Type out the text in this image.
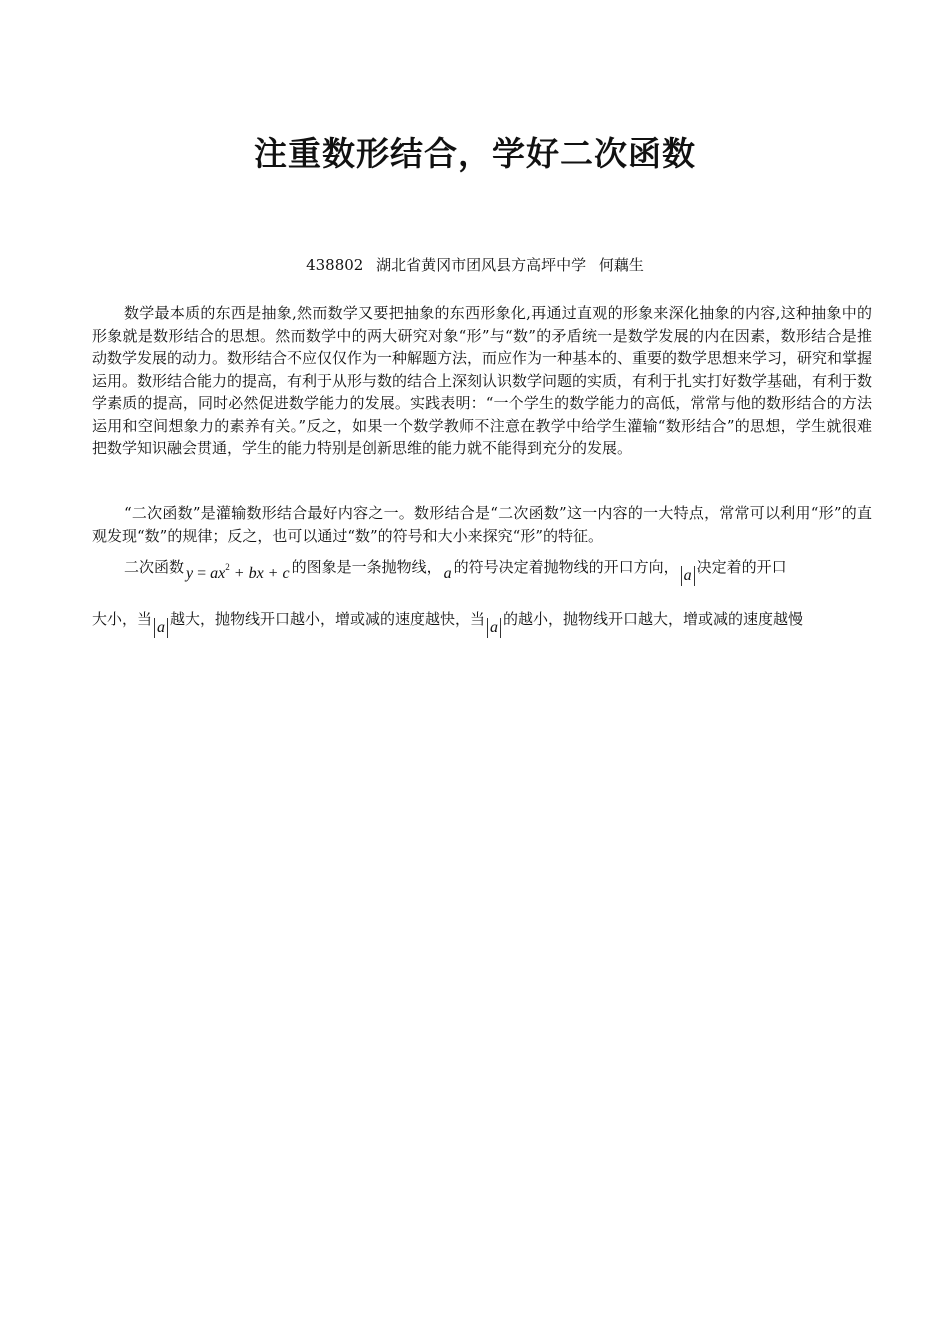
注重数形结合，学好二次函数
438802 湖北省黄冈市团风县方高坪中学 何藕生

数学最本质的东西是抽象,然而数学又要把抽象的东西形象化,再通过直观的形象来深化抽象的内容,这种抽象中的形象就是数形结合的思想。然而数学中的两大研究对象“形”与“数”的矛盾统一是数学发展的内在因素，数形结合是推动数学发展的动力。数形结合不应仅仅作为一种解题方法，而应作为一种基本的、重要的数学思想来学习，研究和掌握运用。数形结合能力的提高，有利于从形与数的结合上深刻认识数学问题的实质，有利于扎实打好数学基础，有利于数学素质的提高，同时必然促进数学能力的发展。实践表明：“一个学生的数学能力的高低，常常与他的数形结合的方法运用和空间想象力的素养有关。”反之，如果一个数学教师不注意在教学中给学生灌输“数形结合”的思想，学生就很难把数学知识融会贯通，学生的能力特别是创新思维的能力就不能得到充分的发展。

“二次函数”是灌输数形结合最好内容之一。数形结合是“二次函数”这一内容的一大特点，常常可以利用“形”的直观发现“数”的规律；反之，也可以通过“数”的符号和大小来探究“形”的特征。

二次函数 $y = ax^2$ + bx + c 的图象是一条抛物线， a 的符号决定着抛物线的开口方向， a 决定着的开口
大小，当 a 越大，抛物线开口越小，增或减的速度越快，当 a 的越小，抛物线开口越大，增或减的速度越慢
